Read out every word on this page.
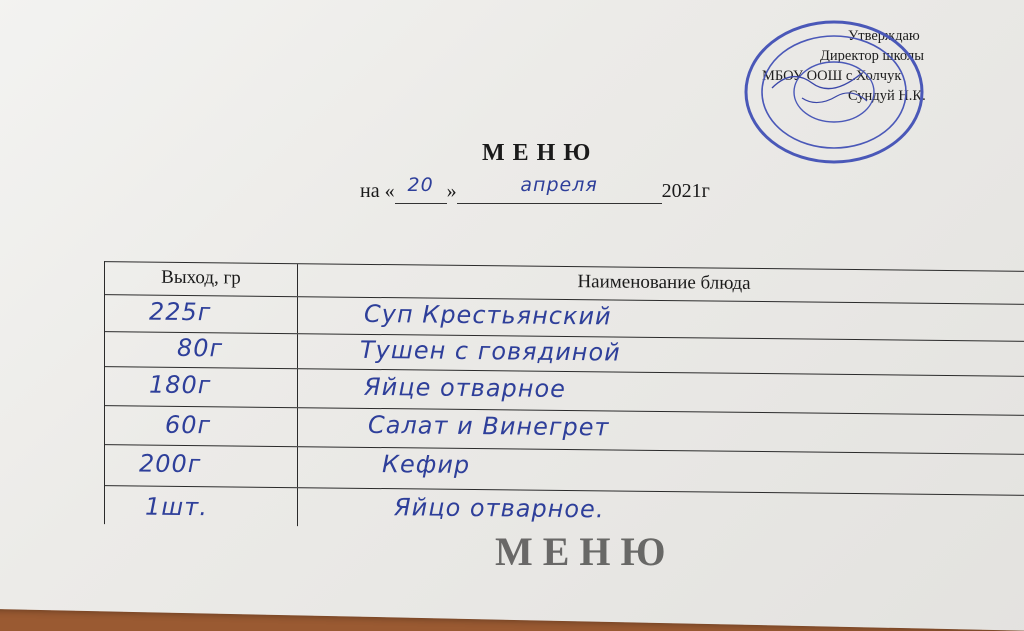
Утверждаю
Директор школы
МБОУ ООШ с.Холчук
Сундуй Н.К.
МЕНЮ
на « 20 »	апреля	2021г
Выход, гр	Наименование блюда
225г	Суп Крестьянский
80г	Тушен с говядиной
180г	Яйце отварное
60г	Салат и Винегрет
200г	Кефир
1шт.	Яйцо отварное.
МЕНЮ
